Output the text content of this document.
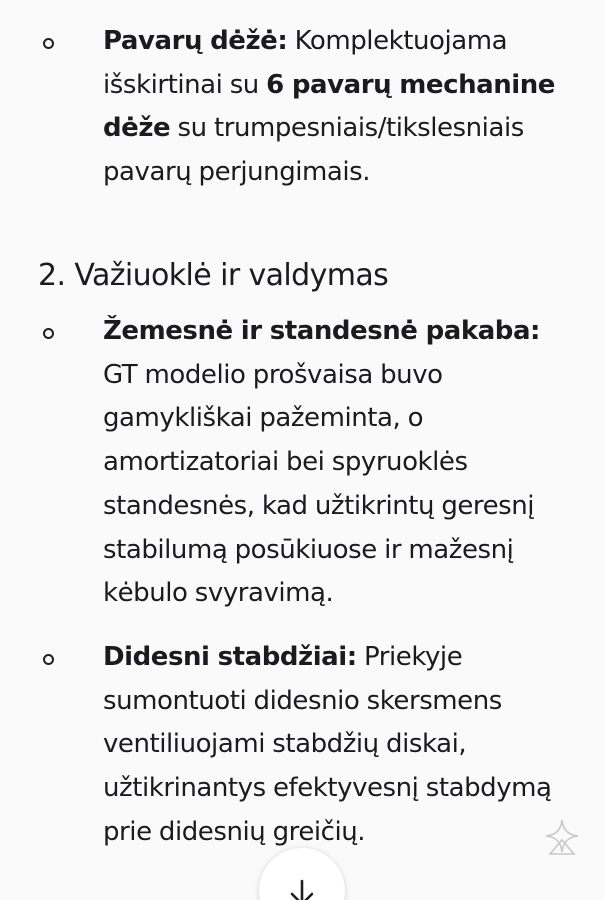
Pavarų dėžė: Komplektuojama išskirtinai su 6 pavarų mechanine dėže su trumpesniais/tikslesniais pavarų perjungimais.
2. Važiuoklė ir valdymas
Žemesnė ir standesnė pakaba: GT modelio prošvaisa buvo gamykliškai pažeminta, o amortizatoriai bei spyruoklės standesnės, kad užtikrintų geresnį stabilumą posūkiuose ir mažesnį kėbulo svyravimą.
Didesni stabdžiai: Priekyje sumontuoti didesnio skersmens ventiliuojami stabdžių diskai, užtikrinantys efektyvesnį stabdymą prie didesnių greičių.
